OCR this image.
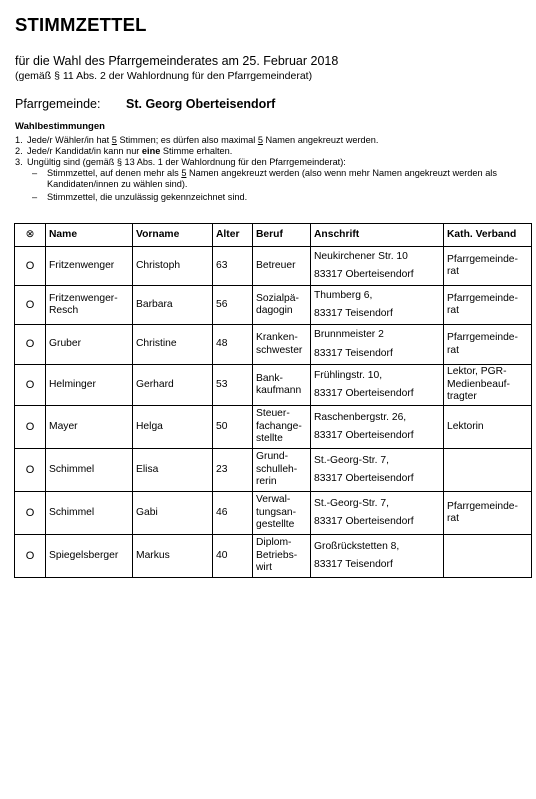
STIMMZETTEL
für die Wahl des Pfarrgemeinderates am 25. Februar 2018
(gemäß § 11 Abs. 2 der Wahlordnung für den Pfarrgemeinderat)
Pfarrgemeinde: St. Georg Oberteisendorf
Wahlbestimmungen
1. Jede/r Wähler/in hat 5 Stimmen; es dürfen also maximal 5 Namen angekreuzt werden.
2. Jede/r Kandidat/in kann nur eine Stimme erhalten.
3. Ungültig sind (gemäß § 13 Abs. 1 der Wahlordnung für den Pfarrgemeinderat):
– Stimmzettel, auf denen mehr als 5 Namen angekreuzt werden (also wenn mehr Namen angekreuzt werden als Kandidaten/innen zu wählen sind).
– Stimmzettel, die unzulässig gekennzeichnet sind.
⊗	Name	Vorname	Alter	Beruf	Anschrift	Kath. Verband
O	Fritzenwenger	Christoph	63	Betreuer	Neukirchener Str. 10
83317 Oberteisendorf	Pfarrgemeinde-rat
O	Fritzenwenger-Resch	Barbara	56	Sozialpä-dagogin	Thumberg 6,
83317 Teisendorf	Pfarrgemeinde-rat
O	Gruber	Christine	48	Kranken-schwester	Brunnmeister 2
83317 Teisendorf	Pfarrgemeinde-rat
O	Helminger	Gerhard	53	Bank-kaufmann	Frühlingstr. 10,
83317 Oberteisendorf	Lektor, PGR-Medienbeauf-tragter
O	Mayer	Helga	50	Steuer-fachange-stellte	Raschenbergstr. 26,
83317 Oberteisendorf	Lektorin
O	Schimmel	Elisa	23	Grund-schulleh-rerin	St.-Georg-Str. 7,
83317 Oberteisendorf	

O	Schimmel	Gabi	46	Verwal-tungsan-gestellte	St.-Georg-Str. 7,
83317 Oberteisendorf	Pfarrgemeinde-rat
O	Spiegelsberger	Markus	40	Diplom-Betriebs-wirt	Großrückstetten 8,
83317 Teisendorf	
